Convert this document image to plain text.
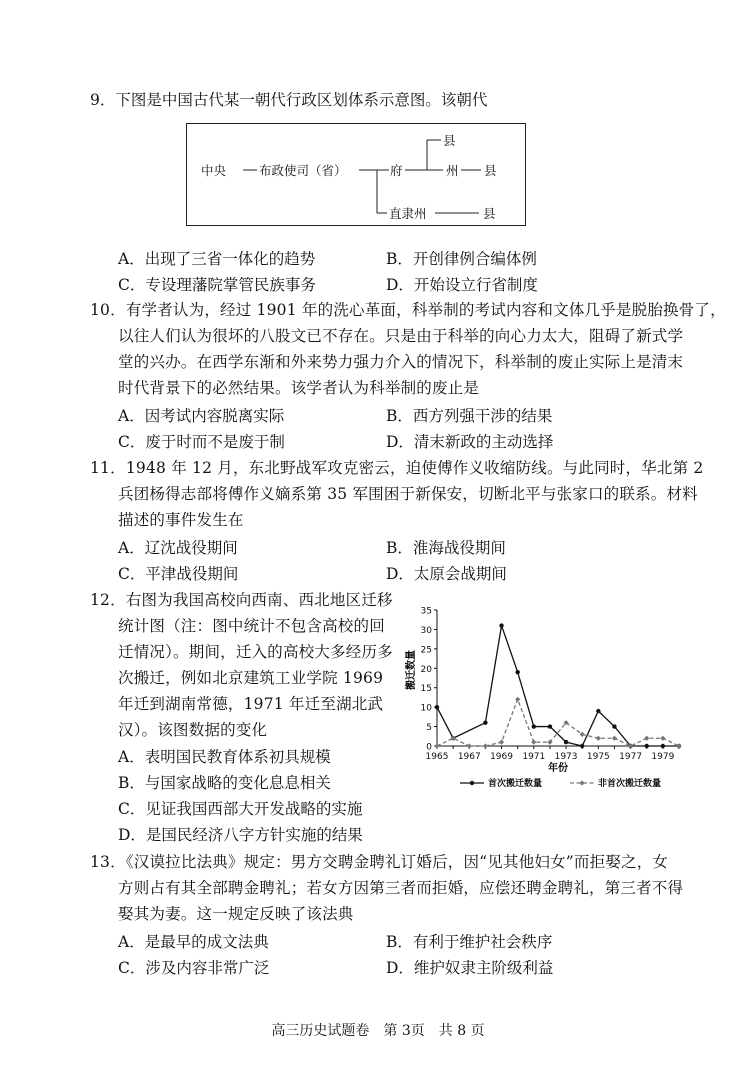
9．下图是中国古代某一朝代行政区划体系示意图。该朝代
中央	布政使司（省）	府
县
州 县
直隶州	县
A．出现了三省一体化的趋势	B．开创律例合编体例
C．专设理藩院掌管民族事务	D．开始设立行省制度
10．有学者认为，经过 1901 年的洗心革面，科举制的考试内容和文体几乎是脱胎换骨了，
以往人们认为很坏的八股文已不存在。只是由于科举的向心力太大，阻碍了新式学
堂的兴办。在西学东渐和外来势力强力介入的情况下，科举制的废止实际上是清末
时代背景下的必然结果。该学者认为科举制的废止是
A．因考试内容脱离实际	B．西方列强干涉的结果
C．废于时而不是废于制	D．清末新政的主动选择
11．1948 年 12 月，东北野战军攻克密云，迫使傅作义收缩防线。与此同时，华北第 2
兵团杨得志部将傅作义嫡系第 35 军围困于新保安，切断北平与张家口的联系。材料
描述的事件发生在
A．辽沈战役期间	B．淮海战役期间
C．平津战役期间	D．太原会战期间
12．右图为我国高校向西南、西北地区迁移
统计图（注：图中统计不包含高校的回
迁情况）。期间，迁入的高校大多经历多
次搬迁，例如北京建筑工业学院 1969
年迁到湖南常德，1971 年迁至湖北武
汉）。该图数据的变化
A．表明国民教育体系初具规模
B．与国家战略的变化息息相关
C．见证我国西部大开发战略的实施
D．是国民经济八字方针实施的结果
0
5
10
15
20
25
30
35
1965 1967 1969 1971 1973 1975 1977 1979
搬迁数量
年份
首次搬迁数量	非首次搬迁数量
13．《汉谟拉比法典》规定：男方交聘金聘礼订婚后，因“见其他妇女”而拒娶之，女
方则占有其全部聘金聘礼；若女方因第三者而拒婚，应偿还聘金聘礼，第三者不得
娶其为妻。这一规定反映了该法典
A．是最早的成文法典	B．有利于维护社会秩序
C．涉及内容非常广泛	D．维护奴隶主阶级利益
高三历史试题卷　第 3页　共 8 页
